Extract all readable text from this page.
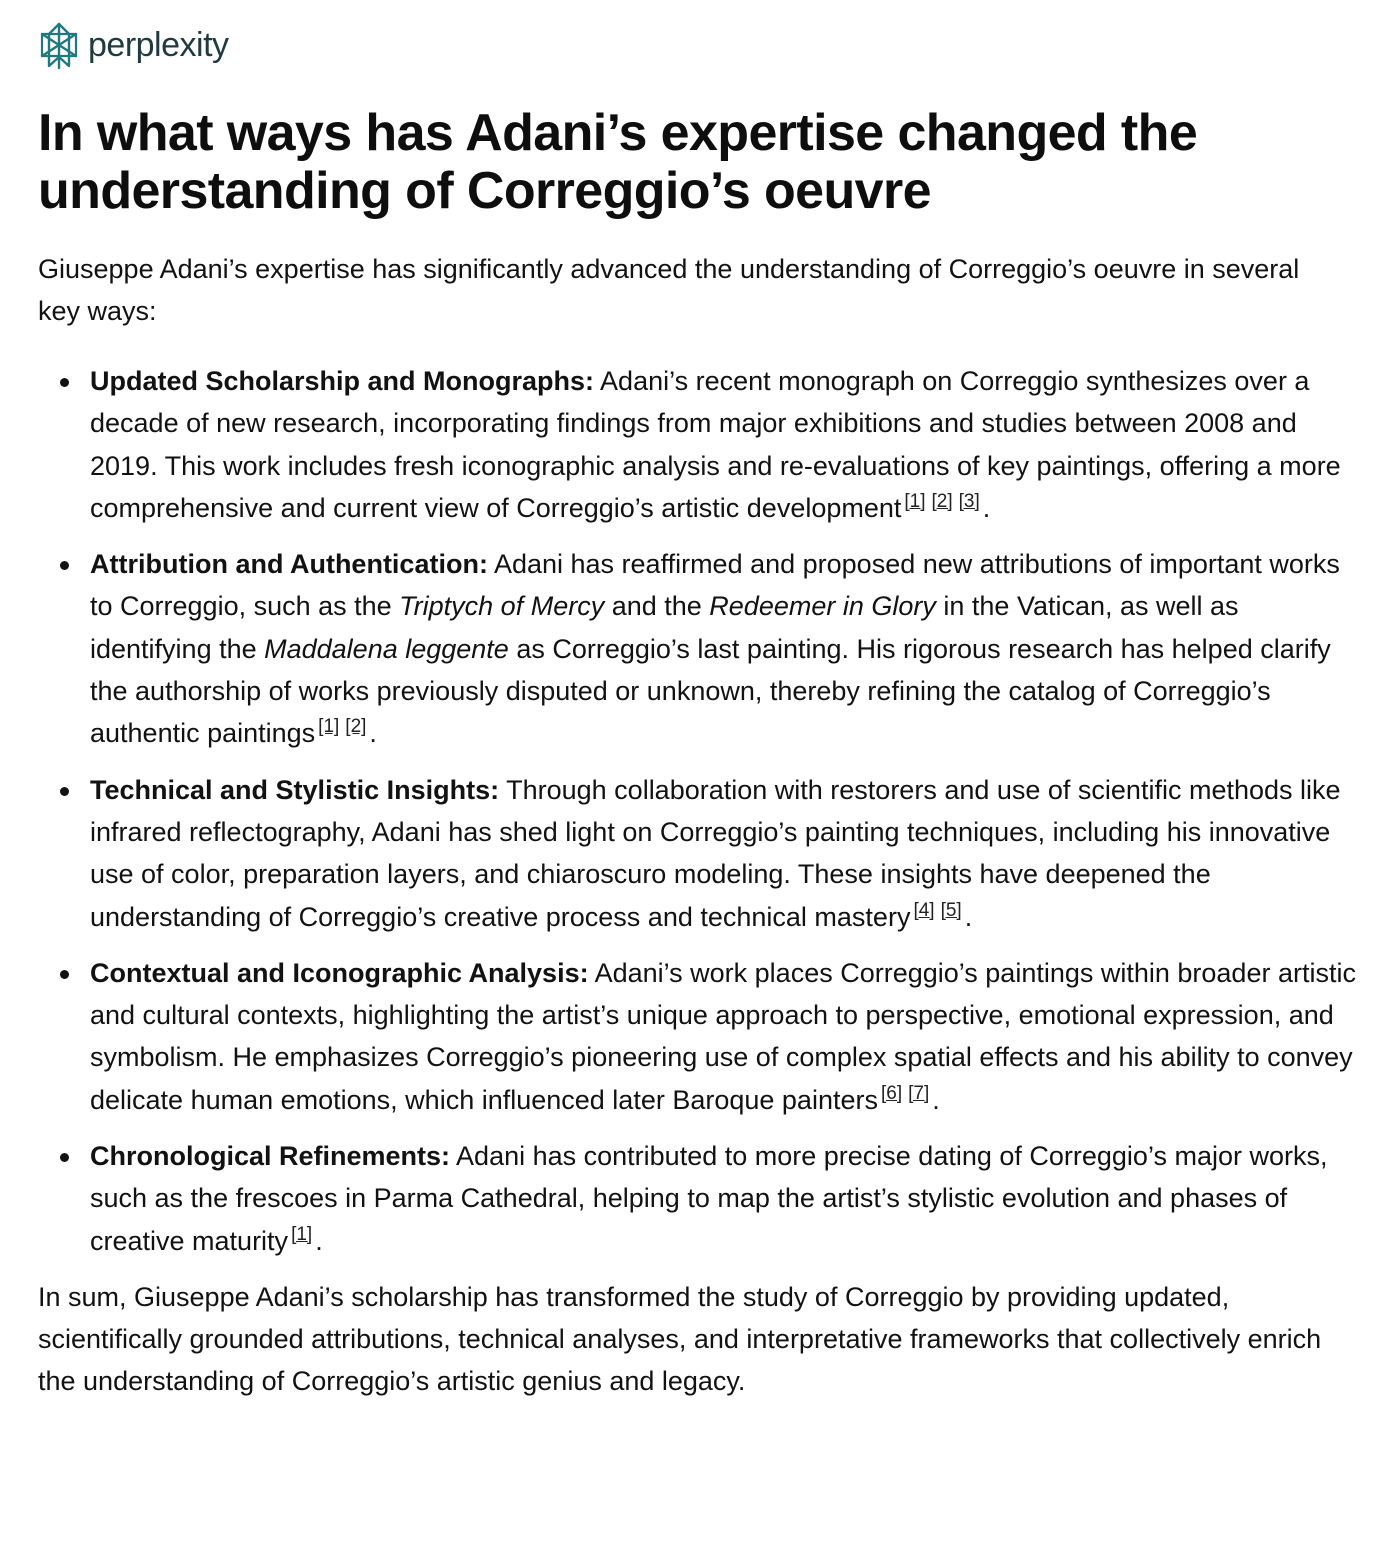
perplexity
In what ways has Adani’s expertise changed the understanding of Correggio’s oeuvre

Giuseppe Adani’s expertise has significantly advanced the understanding of Correggio’s oeuvre in several key ways:

Updated Scholarship and Monographs: Adani’s recent monograph on Correggio synthesizes over a decade of new research, incorporating findings from major exhibitions and studies between 2008 and 2019. This work includes fresh iconographic analysis and re-evaluations of key paintings, offering a more comprehensive and current view of Correggio’s artistic development [1] [2] [3] .
Attribution and Authentication: Adani has reaffirmed and proposed new attributions of important works to Correggio, such as the Triptych of Mercy and the Redeemer in Glory in the Vatican, as well as identifying the Maddalena leggente as Correggio’s last painting. His rigorous research has helped clarify the authorship of works previously disputed or unknown, thereby refining the catalog of Correggio’s authentic paintings [1] [2] .
Technical and Stylistic Insights: Through collaboration with restorers and use of scientific methods like infrared reflectography, Adani has shed light on Correggio’s painting techniques, including his innovative use of color, preparation layers, and chiaroscuro modeling. These insights have deepened the understanding of Correggio’s creative process and technical mastery [4] [5] .
Contextual and Iconographic Analysis: Adani’s work places Correggio’s paintings within broader artistic and cultural contexts, highlighting the artist’s unique approach to perspective, emotional expression, and symbolism. He emphasizes Correggio’s pioneering use of complex spatial effects and his ability to convey delicate human emotions, which influenced later Baroque painters [6] [7] .
Chronological Refinements: Adani has contributed to more precise dating of Correggio’s major works, such as the frescoes in Parma Cathedral, helping to map the artist’s stylistic evolution and phases of creative maturity [1] .

In sum, Giuseppe Adani’s scholarship has transformed the study of Correggio by providing updated, scientifically grounded attributions, technical analyses, and interpretative frameworks that collectively enrich the understanding of Correggio’s artistic genius and legacy.
